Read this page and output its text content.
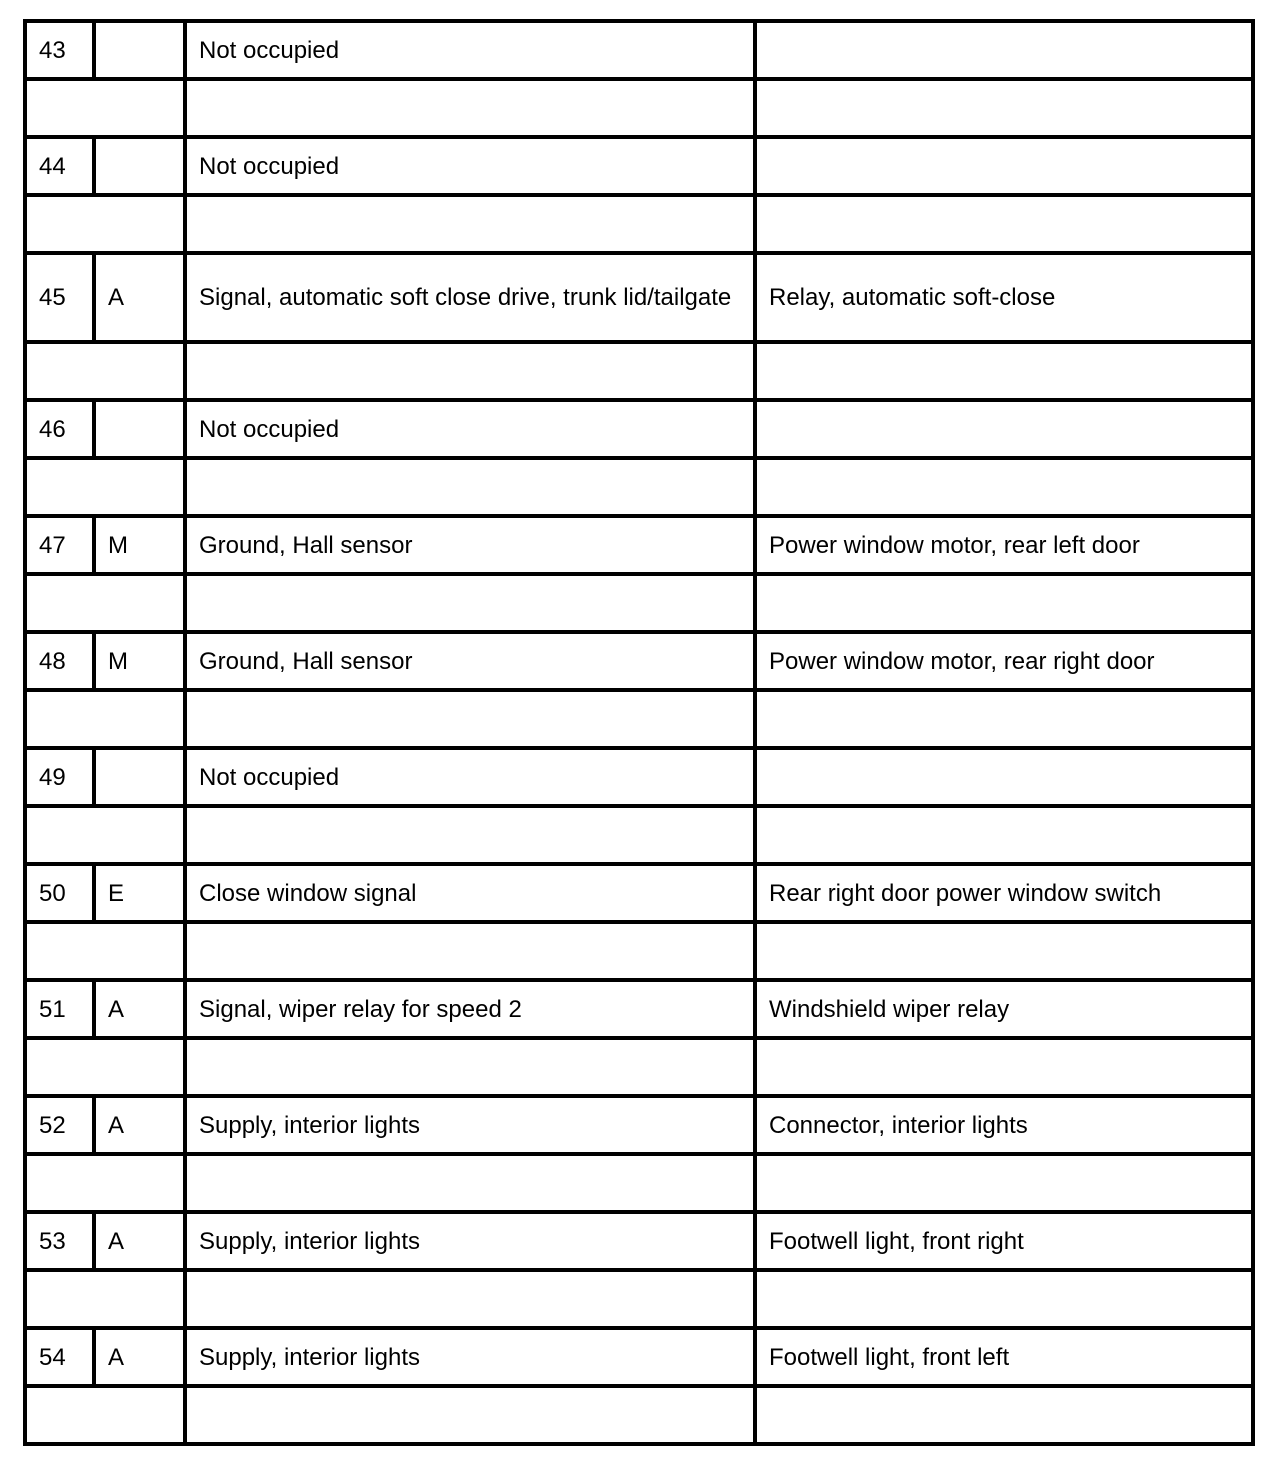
43		Not occupied	

44		Not occupied	

45	A	Signal, automatic soft close drive, trunk lid/tailgate	Relay, automatic soft-close

46		Not occupied	

47	M	Ground, Hall sensor	Power window motor, rear left door

48	M	Ground, Hall sensor	Power window motor, rear right door

49		Not occupied	

50	E	Close window signal	Rear right door power window switch

51	A	Signal, wiper relay for speed 2	Windshield wiper relay

52	A	Supply, interior lights	Connector, interior lights

53	A	Supply, interior lights	Footwell light, front right

54	A	Supply, interior lights	Footwell light, front left
